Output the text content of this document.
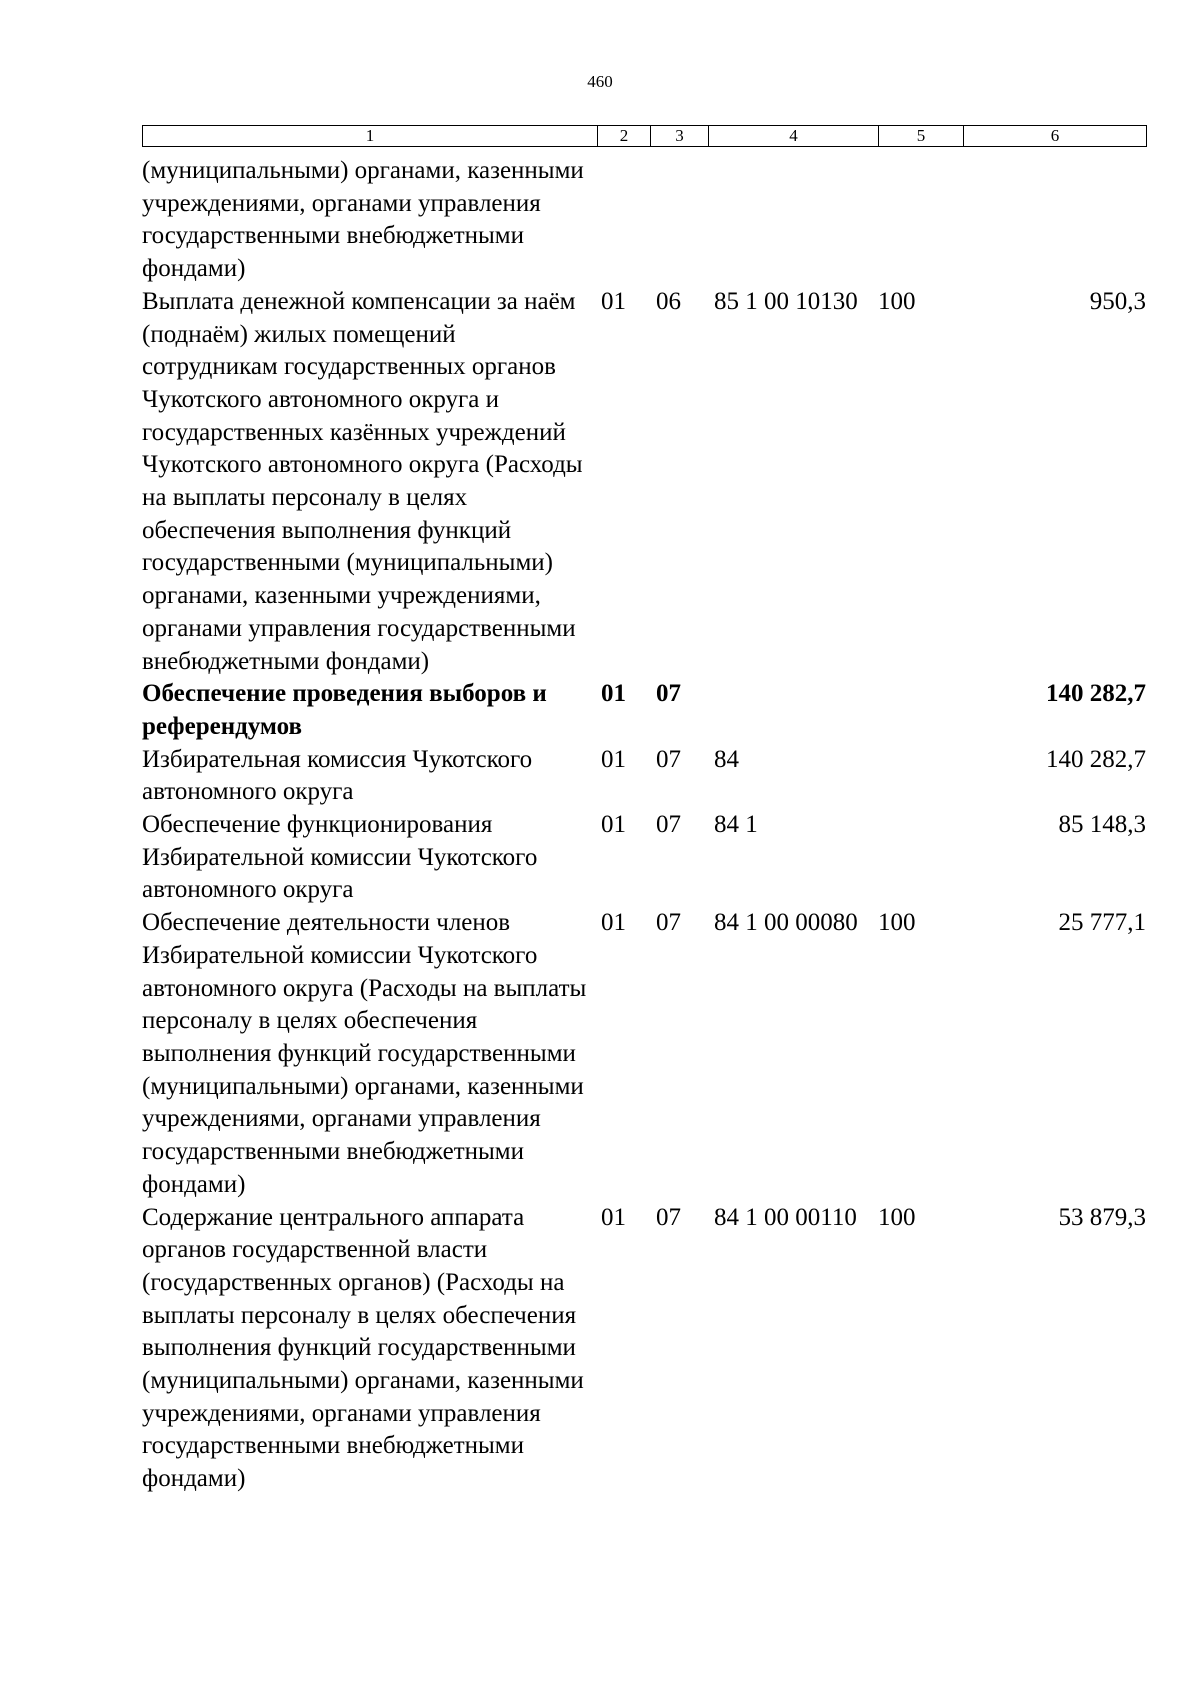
460
1	2	3	4	5	6
(муниципальными) органами, казенными учреждениями, органами управления государственными внебюджетными фондами)					
Выплата денежной компенсации за наём (поднаём) жилых помещений сотрудникам государственных органов Чукотского автономного округа и государственных казённых учреждений Чукотского автономного округа (Расходы на выплаты персоналу в целях обеспечения выполнения функций государственными (муниципальными) органами, казенными учреждениями, органами управления государственными внебюджетными фондами)	01	06	85 1 00 10130	100	950,3
Обеспечение проведения выборов и референдумов	01	07			140 282,7
Избирательная комиссия Чукотского автономного округа	01	07	84		140 282,7
Обеспечение функционирования Избирательной комиссии Чукотского автономного округа	01	07	84 1		85 148,3
Обеспечение деятельности членов Избирательной комиссии Чукотского автономного округа (Расходы на выплаты персоналу в целях обеспечения выполнения функций государственными (муниципальными) органами, казенными учреждениями, органами управления государственными внебюджетными фондами)	01	07	84 1 00 00080	100	25 777,1
Содержание центрального аппарата органов государственной власти (государственных органов) (Расходы на выплаты персоналу в целях обеспечения выполнения функций государственными (муниципальными) органами, казенными учреждениями, органами управления государственными внебюджетными фондами)	01	07	84 1 00 00110	100	53 879,3
